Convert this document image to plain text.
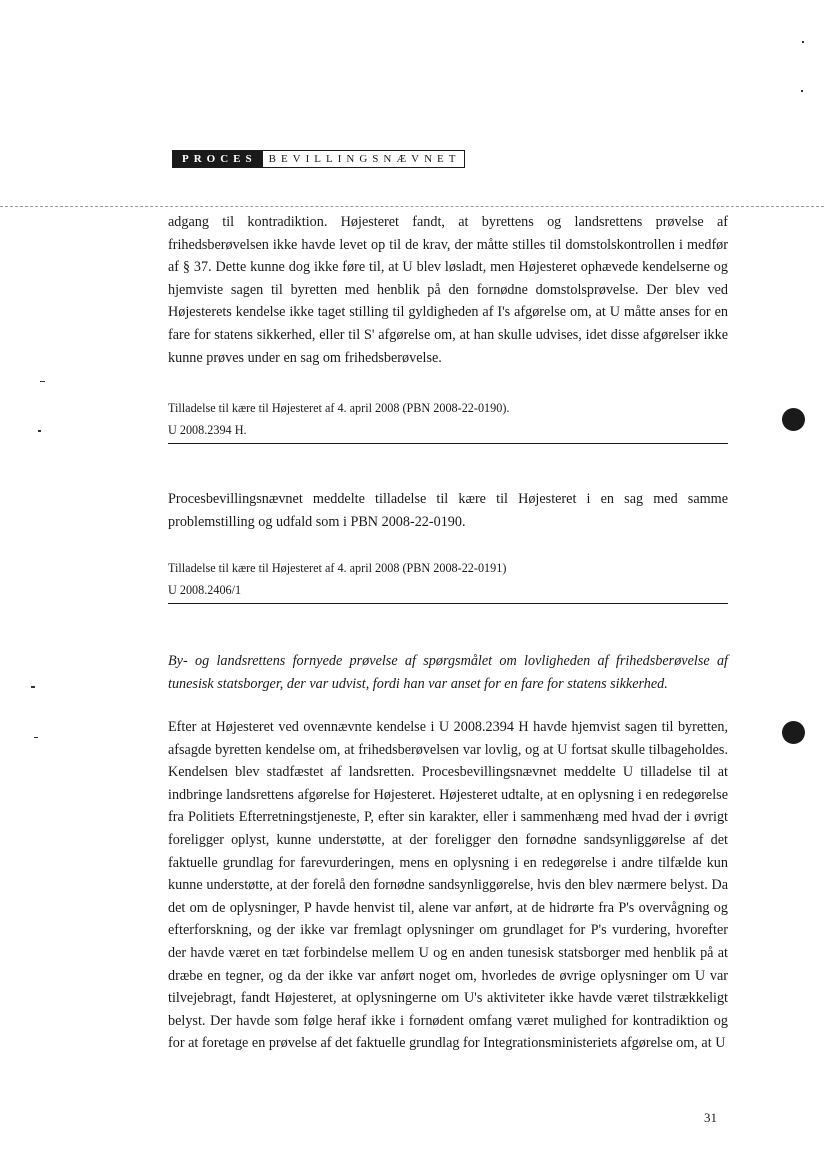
PROCES	BEVILLINGSNÆVNET

adgang til kontradiktion. Højesteret fandt, at byrettens og landsrettens prøvelse af frihedsberøvelsen ikke havde levet op til de krav, der måtte stilles til domstolskontrollen i medfør af § 37. Dette kunne dog ikke føre til, at U blev løsladt, men Højesteret ophævede kendelserne og hjemviste sagen til byretten med henblik på den fornødne domstolsprøvelse. Der blev ved Højesterets kendelse ikke taget stilling til gyldigheden af I's afgørelse om, at U måtte anses for en fare for statens sikkerhed, eller til S' afgørelse om, at han skulle udvises, idet disse afgørelser ikke kunne prøves under en sag om frihedsberøvelse.

Tilladelse til kære til Højesteret af 4. april 2008 (PBN 2008-22-0190).
U 2008.2394 H.

Procesbevillingsnævnet meddelte tilladelse til kære til Højesteret i en sag med samme problemstilling og udfald som i PBN 2008-22-0190.

Tilladelse til kære til Højesteret af 4. april 2008 (PBN 2008-22-0191)
U 2008.2406/1

By- og landsrettens fornyede prøvelse af spørgsmålet om lovligheden af frihedsberøvelse af tunesisk statsborger, der var udvist, fordi han var anset for en fare for statens sikkerhed.

Efter at Højesteret ved ovennævnte kendelse i U 2008.2394 H havde hjemvist sagen til byretten, afsagde byretten kendelse om, at frihedsberøvelsen var lovlig, og at U fortsat skulle tilbageholdes. Kendelsen blev stadfæstet af landsretten. Procesbevillingsnævnet meddelte U tilladelse til at indbringe landsrettens afgørelse for Højesteret. Højesteret udtalte, at en oplysning i en redegørelse fra Politiets Efterretningstjeneste, P, efter sin karakter, eller i sammenhæng med hvad der i øvrigt foreligger oplyst, kunne understøtte, at der foreligger den fornødne sandsynliggørelse af det faktuelle grundlag for farevurderingen, mens en oplysning i en redegørelse i andre tilfælde kun kunne understøtte, at der forelå den fornødne sandsynliggørelse, hvis den blev nærmere belyst. Da det om de oplysninger, P havde henvist til, alene var anført, at de hidrørte fra P's overvågning og efterforskning, og der ikke var fremlagt oplysninger om grundlaget for P's vurdering, hvorefter der havde været en tæt forbindelse mellem U og en anden tunesisk statsborger med henblik på at dræbe en tegner, og da der ikke var anført noget om, hvorledes de øvrige oplysninger om U var tilvejebragt, fandt Højesteret, at oplysningerne om U's aktiviteter ikke havde været tilstrækkeligt belyst. Der havde som følge heraf ikke i fornødent omfang været mulighed for kontradiktion og for at foretage en prøvelse af det faktuelle grundlag for Integrationsministeriets afgørelse om, at U

31
